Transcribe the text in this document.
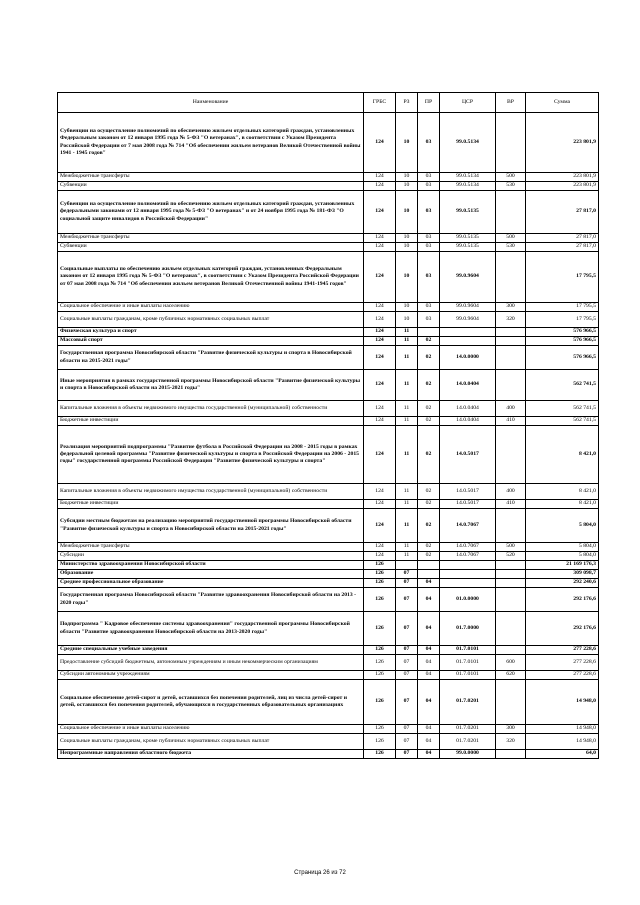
Наименование	ГРБС	РЗ	ПР	ЦСР	ВР	Сумма
Субвенции на осуществление полномочий по обеспечению жильем отдельных категорий граждан, установленных Федеральным законом от 12 января 1995 года № 5-ФЗ "О ветеранах", в соответствии с Указом Президента Российской Федерации от 7 мая 2008 года № 714 "Об обеспечении жильем ветеранов Великой Отечественной войны 1941 - 1945 годов"	124	10	03	99.0.5134		223 801,9
Межбюджетные трансферты	124	10	03	99.0.5134	500	223 801,9
Субвенции	124	10	03	99.0.5134	530	223 801,9
Субвенции на осуществление полномочий по обеспечению жильем отдельных категорий граждан, установленных федеральными законами от 12 января 1995 года № 5-ФЗ "О ветеранах" и от 24 ноября 1995 года № 181-ФЗ "О социальной защите инвалидов в Российской Федерации"	124	10	03	99.0.5135		27 817,0
Межбюджетные трансферты	124	10	03	99.0.5135	500	27 817,0
Субвенции	124	10	03	99.0.5135	530	27 817,0
Социальные выплаты по обеспечению жильем отдельных категорий граждан, установленных Федеральным законом от 12 января 1995 года № 5-ФЗ "О ветеранах", в соответствии с Указом Президента Российской Федерации от 07 мая 2008 года № 714 "Об обеспечении жильем ветеранов Великой Отечественной войны 1941-1945 годов"	124	10	03	99.0.9604		17 795,5
Социальное обеспечение и иные выплаты населению	124	10	03	99.0.9604	300	17 795,5
Социальные выплаты гражданам, кроме публичных нормативных социальных выплат	124	10	03	99.0.9604	320	17 795,5
Физическая культура и спорт	124	11				576 966,5
Массовый спорт	124	11	02			576 966,5
Государственная программа Новосибирской области "Развитие физической культуры и спорта в Новосибирской области на 2015-2021 годы"	124	11	02	14.0.0000		576 966,5
Иные мероприятия в рамках государственной программы Новосибирской области "Развитие физической культуры и спорта в Новосибирской области на 2015-2021 годы"	124	11	02	14.0.0404		562 741,5
Капитальные вложения в объекты недвижимого имущества государственной (муниципальной) собственности	124	11	02	14.0.0404	400	562 741,5
Бюджетные инвестиции	124	11	02	14.0.0404	410	562 741,5
Реализация мероприятий подпрограммы "Развитие футбола в Российской Федерации на 2008 - 2015 годы в рамках федеральной целевой программы "Развитие физической культуры и спорта в Российской Федерации на 2006 - 2015 годы" государственной программы Российской Федерации "Развитие физической культуры и спорта"	124	11	02	14.0.5017		8 421,0
Капитальные вложения в объекты недвижимого имущества государственной (муниципальной) собственности	124	11	02	14.0.5017	400	8 421,0
Бюджетные инвестиции	124	11	02	14.0.5017	410	8 421,0
Субсидии местным бюджетам на реализацию мероприятий государственной программы Новосибирской области "Развитие физической культуры и спорта в Новосибирской области на 2015-2021 годы"	124	11	02	14.0.7067		5 804,0
Межбюджетные трансферты	124	11	02	14.0.7067	500	5 804,0
Субсидии	124	11	02	14.0.7067	520	5 804,0
Министерство здравоохранения Новосибирской области	126					21 169 176,3
Образование	126	07				309 098,7
Среднее профессиональное образование	126	07	04			292 240,6
Государственная программа Новосибирской области "Развитие здравоохранения Новосибирской области на 2013 - 2020 годы"	126	07	04	01.0.0000		292 176,6
Подпрограмма " Кадровое обеспечение системы здравоохранения" государственной программы Новосибирской области "Развитие здравоохранения Новосибирской области на 2013-2020 годы"	126	07	04	01.7.0000		292 176,6
Средние специальные учебные заведения	126	07	04	01.7.0101		277 228,6
Предоставление субсидий бюджетным, автономным учреждениям и иным некоммерческим организациям	126	07	04	01.7.0101	600	277 228,6
Субсидии автономным учреждениям	126	07	04	01.7.0101	620	277 228,6
Социальное обеспечение детей-сирот и детей, оставшихся без попечения родителей, лиц из числа детей-сирот и детей, оставшихся без попечения родителей, обучающихся в государственных образовательных организациях	126	07	04	01.7.0201		14 948,0
Социальное обеспечение и иные выплаты населению	126	07	04	01.7.0201	300	14 948,0
Социальные выплаты гражданам, кроме публичных нормативных социальных выплат	126	07	04	01.7.0201	320	14 948,0
Непрограммные направления областного бюджета	126	07	04	99.0.0000		64,0
Страница 26 из 72
